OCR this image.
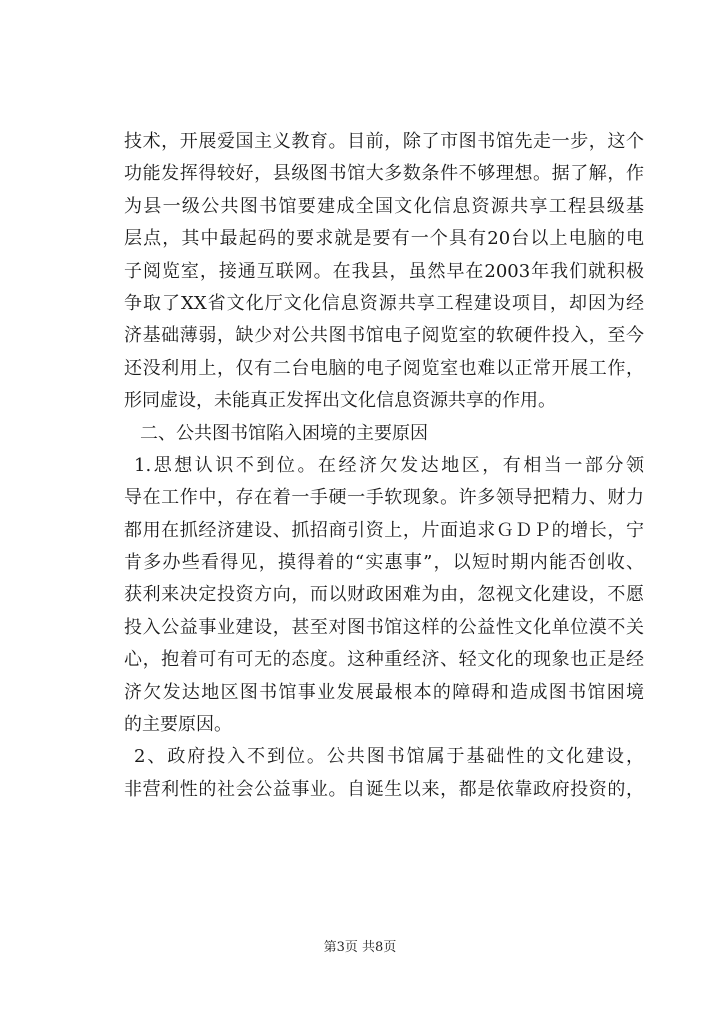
技术，开展爱国主义教育。目前，除了市图书馆先走一步，这个
功能发挥得较好，县级图书馆大多数条件不够理想。据了解，作
为县一级公共图书馆要建成全国文化信息资源共享工程县级基
层点，其中最起码的要求就是要有一个具有20台以上电脑的电
子阅览室，接通互联网。在我县，虽然早在2003年我们就积极
争取了XX省文化厅文化信息资源共享工程建设项目，却因为经
济基础薄弱，缺少对公共图书馆电子阅览室的软硬件投入，至今
还没利用上，仅有二台电脑的电子阅览室也难以正常开展工作，
形同虚设，未能真正发挥出文化信息资源共享的作用。
二、公共图书馆陷入困境的主要原因
1.思想认识不到位。在经济欠发达地区，有相当一部分领
导在工作中，存在着一手硬一手软现象。许多领导把精力、财力
都用在抓经济建设、抓招商引资上，片面追求ＧＤＰ的增长，宁
肯多办些看得见，摸得着的“实惠事”，以短时期内能否创收、
获利来决定投资方向，而以财政困难为由，忽视文化建设，不愿
投入公益事业建设，甚至对图书馆这样的公益性文化单位漠不关
心，抱着可有可无的态度。这种重经济、轻文化的现象也正是经
济欠发达地区图书馆事业发展最根本的障碍和造成图书馆困境
的主要原因。
2、政府投入不到位。公共图书馆属于基础性的文化建设，
非营利性的社会公益事业。自诞生以来，都是依靠政府投资的，
第3页 共8页
